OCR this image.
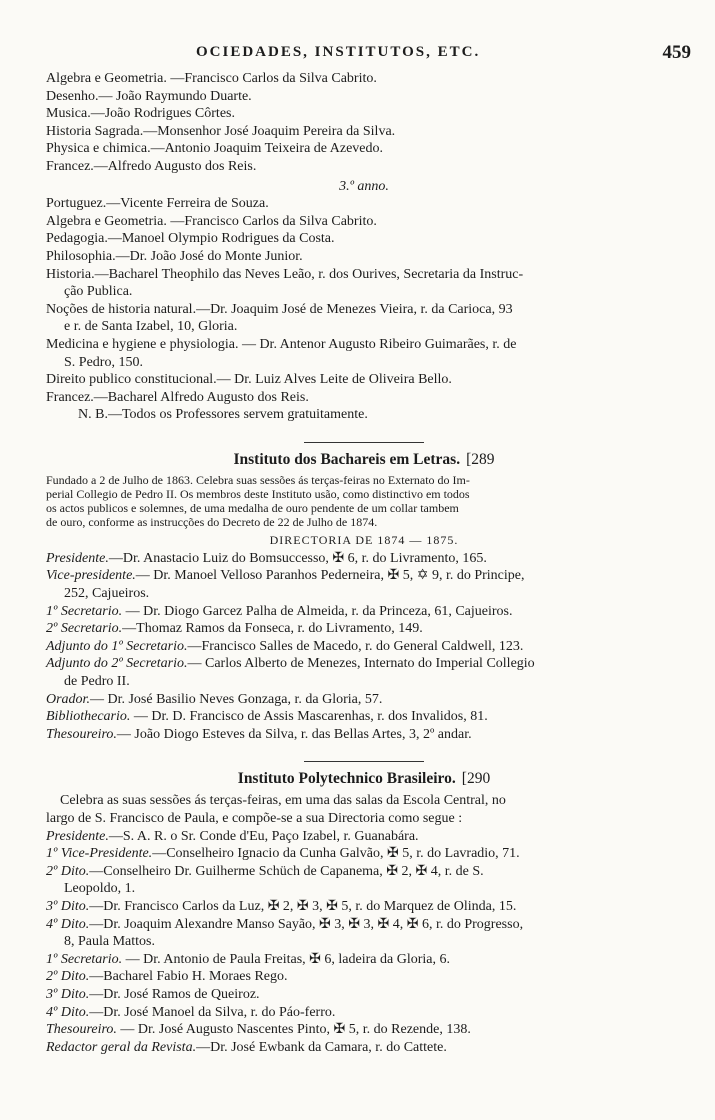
OCIEDADES, INSTITUTOS, ETC.	459
Algebra e Geometria. —Francisco Carlos da Silva Cabrito.
Desenho.— João Raymundo Duarte.
Musica.—João Rodrigues Côrtes.
Historia Sagrada.—Monsenhor José Joaquim Pereira da Silva.
Physica e chimica.—Antonio Joaquim Teixeira de Azevedo.
Francez.—Alfredo Augusto dos Reis.
3.º anno.
Portuguez.—Vicente Ferreira de Souza.
Algebra e Geometria. —Francisco Carlos da Silva Cabrito.
Pedagogia.—Manoel Olympio Rodrigues da Costa.
Philosophia.—Dr. João José do Monte Junior.
Historia.—Bacharel Theophilo das Neves Leão, r. dos Ourives, Secretaria da Instruc-
ção Publica.
Noções de historia natural.—Dr. Joaquim José de Menezes Vieira, r. da Carioca, 93
e r. de Santa Izabel, 10, Gloria.
Medicina e hygiene e physiologia. — Dr. Antenor Augusto Ribeiro Guimarães, r. de
S. Pedro, 150.
Direito publico constitucional.— Dr. Luiz Alves Leite de Oliveira Bello.
Francez.—Bacharel Alfredo Augusto dos Reis.
N. B.—Todos os Professores servem gratuitamente.
Instituto dos Bachareis em Letras. [289
Fundado a 2 de Julho de 1863. Celebra suas sessões ás terças-feiras no Externato do Im-
perial Collegio de Pedro II. Os membros deste Instituto usão, como distinctivo em todos
os actos publicos e solemnes, de uma medalha de ouro pendente de um collar tambem
de ouro, conforme as instrucções do Decreto de 22 de Julho de 1874.
DIRECTORIA DE 1874 — 1875.
Presidente.—Dr. Anastacio Luiz do Bomsuccesso, ✠ 6, r. do Livramento, 165.
Vice-presidente.— Dr. Manoel Velloso Paranhos Pederneira, ✠ 5, ✡ 9, r. do Principe,
252, Cajueiros.
1º Secretario. — Dr. Diogo Garcez Palha de Almeida, r. da Princeza, 61, Cajueiros.
2º Secretario.—Thomaz Ramos da Fonseca, r. do Livramento, 149.
Adjunto do 1º Secretario.—Francisco Salles de Macedo, r. do General Caldwell, 123.
Adjunto do 2º Secretario.— Carlos Alberto de Menezes, Internato do Imperial Collegio
de Pedro II.
Orador.— Dr. José Basilio Neves Gonzaga, r. da Gloria, 57.
Bibliothecario. — Dr. D. Francisco de Assis Mascarenhas, r. dos Invalidos, 81.
Thesoureiro.— João Diogo Esteves da Silva, r. das Bellas Artes, 3, 2º andar.
Instituto Polytechnico Brasileiro. [290
Celebra as suas sessões ás terças-feiras, em uma das salas da Escola Central, no
largo de S. Francisco de Paula, e compõe-se a sua Directoria como segue :
Presidente.—S. A. R. o Sr. Conde d'Eu, Paço Izabel, r. Guanabára.
1º Vice-Presidente.—Conselheiro Ignacio da Cunha Galvão, ✠ 5, r. do Lavradio, 71.
2º Dito.—Conselheiro Dr. Guilherme Schüch de Capanema, ✠ 2, ✠ 4, r. de S.
Leopoldo, 1.
3º Dito.—Dr. Francisco Carlos da Luz, ✠ 2, ✠ 3, ✠ 5, r. do Marquez de Olinda, 15.
4º Dito.—Dr. Joaquim Alexandre Manso Sayão, ✠ 3, ✠ 3, ✠ 4, ✠ 6, r. do Progresso,
8, Paula Mattos.
1º Secretario. — Dr. Antonio de Paula Freitas, ✠ 6, ladeira da Gloria, 6.
2º Dito.—Bacharel Fabio H. Moraes Rego.
3º Dito.—Dr. José Ramos de Queiroz.
4º Dito.—Dr. José Manoel da Silva, r. do Páo-ferro.
Thesoureiro. — Dr. José Augusto Nascentes Pinto, ✠ 5, r. do Rezende, 138.
Redactor geral da Revista.—Dr. José Ewbank da Camara, r. do Cattete.
